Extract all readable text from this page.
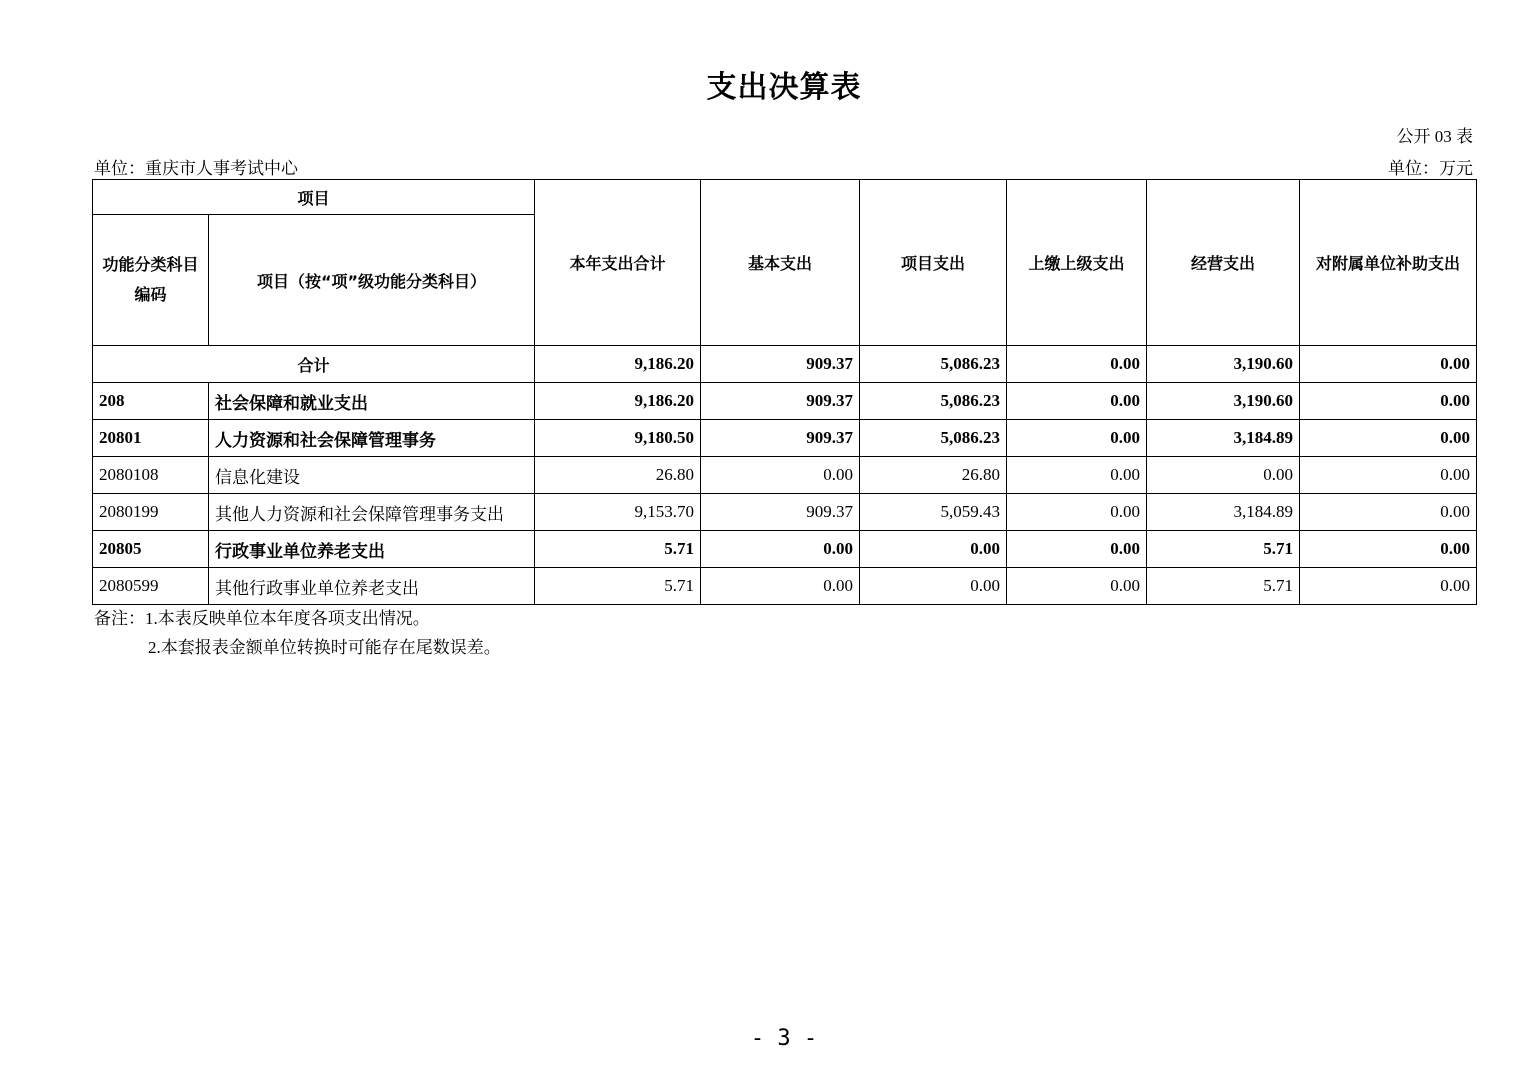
支出决算表
公开 03 表
单位：重庆市人事考试中心	单位：万元
项目		本年支出合计	基本支出	项目支出	上缴上级支出	经营支出	对附属单位补助支出
功能分类科目编码	项目（按“项”级功能分类科目）						
合计		9,186.20	909.37	5,086.23	0.00	3,190.60	0.00
208	社会保障和就业支出	9,186.20	909.37	5,086.23	0.00	3,190.60	0.00
20801	人力资源和社会保障管理事务	9,180.50	909.37	5,086.23	0.00	3,184.89	0.00
2080108	信息化建设	26.80	0.00	26.80	0.00	0.00	0.00
2080199	其他人力资源和社会保障管理事务支出	9,153.70	909.37	5,059.43	0.00	3,184.89	0.00
20805	行政事业单位养老支出	5.71	0.00	0.00	0.00	5.71	0.00
2080599	其他行政事业单位养老支出	5.71	0.00	0.00	0.00	5.71	0.00
备注：1.本表反映单位本年度各项支出情况。
2.本套报表金额单位转换时可能存在尾数误差。
- 3 -
